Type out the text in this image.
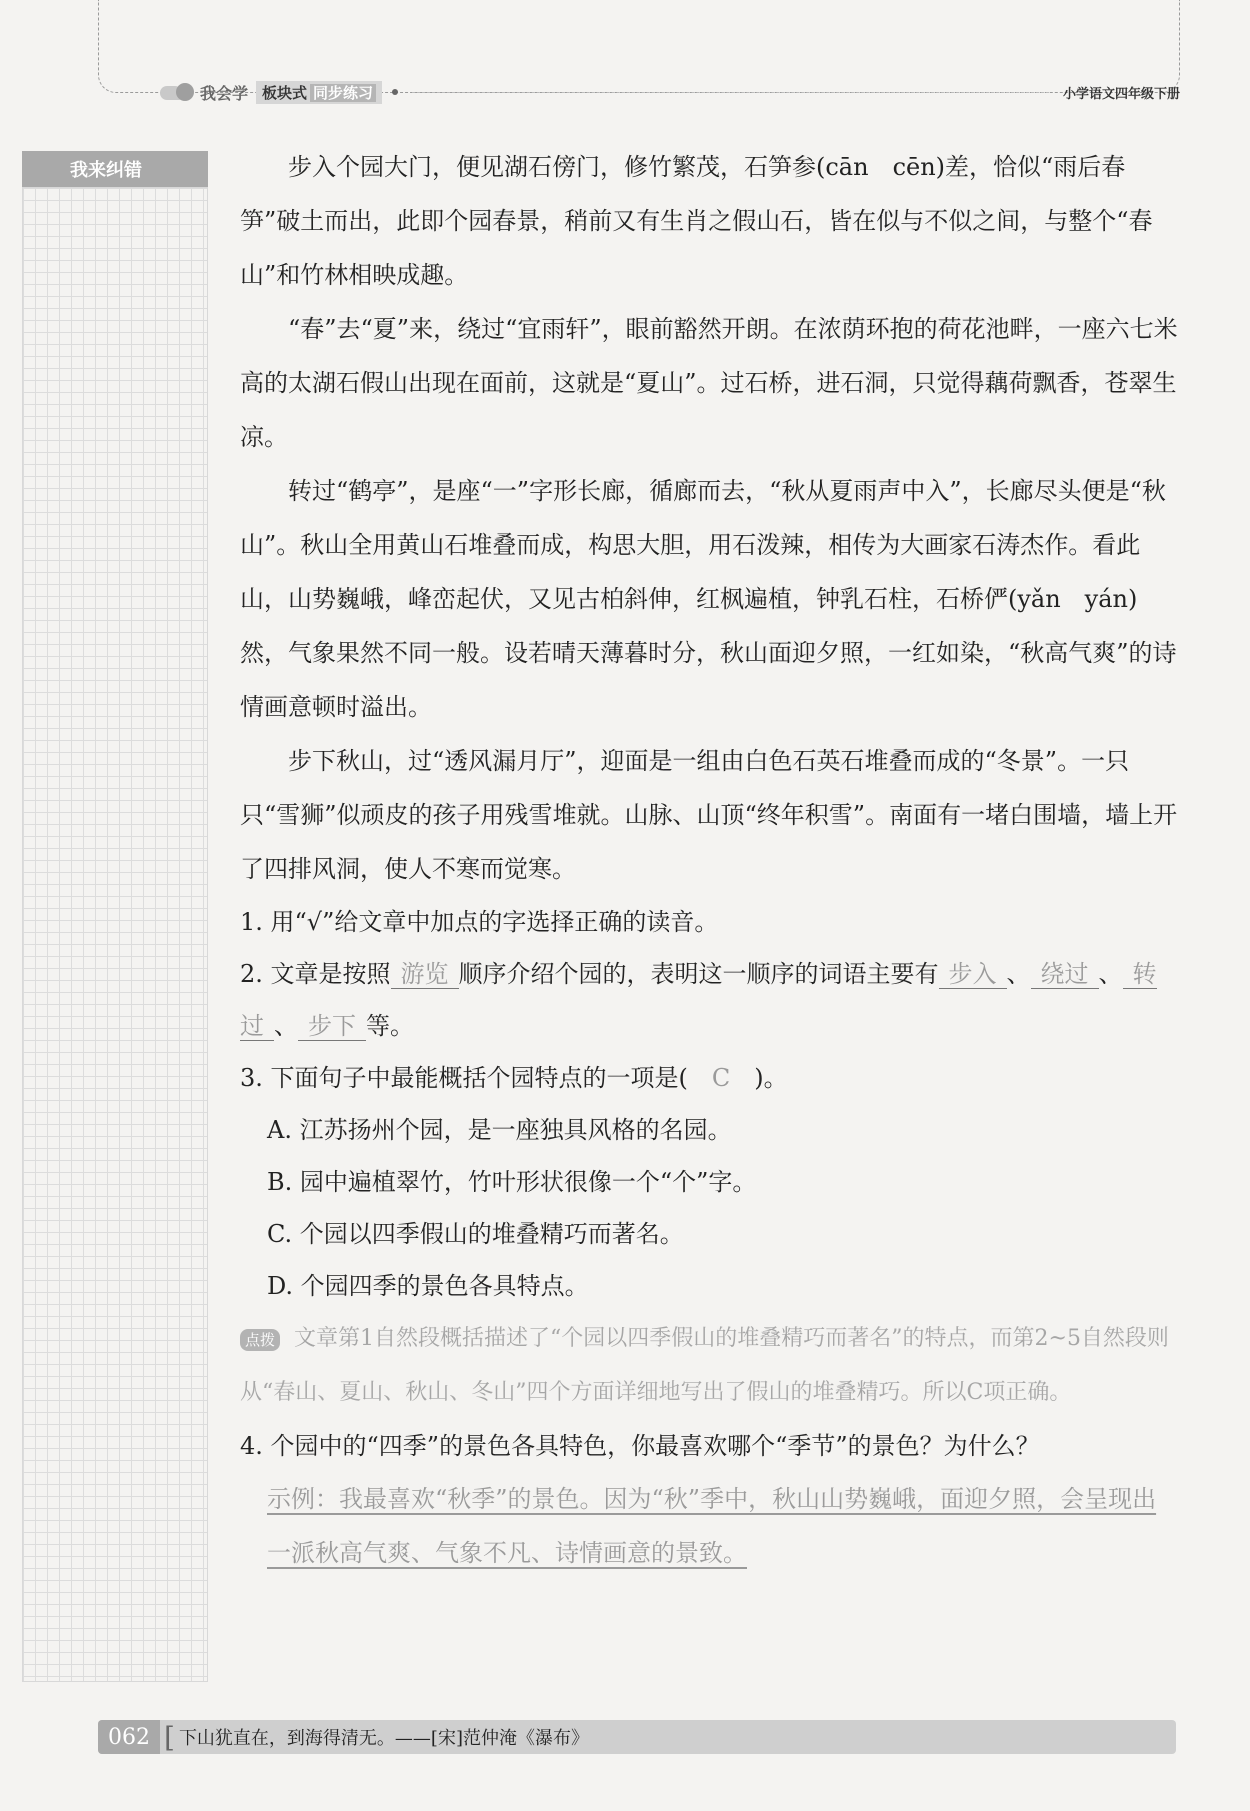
我会学 板块式 同步练习	小学语文四年级下册
我来纠错	步入个园大门，便见湖石傍门，修竹繁茂，石笋参(cān　cēn)差，恰似“雨后春笋”破土而出，此即个园春景，稍前又有生肖之假山石，皆在似与不似之间，与整个“春山”和竹林相映成趣。

“春”去“夏”来，绕过“宜雨轩”，眼前豁然开朗。在浓荫环抱的荷花池畔，一座六七米高的太湖石假山出现在面前，这就是“夏山”。过石桥，进石洞，只觉得藕荷飘香，苍翠生凉。

转过“鹤亭”，是座“一”字形长廊，循廊而去，“秋从夏雨声中入”，长廊尽头便是“秋山”。秋山全用黄山石堆叠而成，构思大胆，用石泼辣，相传为大画家石涛杰作。看此山，山势巍峨，峰峦起伏，又见古柏斜伸，红枫遍植，钟乳石柱，石桥俨(yǎn　yán)然，气象果然不同一般。设若晴天薄暮时分，秋山面迎夕照，一红如染，“秋高气爽”的诗情画意顿时溢出。

步下秋山，过“透风漏月厅”，迎面是一组由白色石英石堆叠而成的“冬景”。一只只“雪狮”似顽皮的孩子用残雪堆就。山脉、山顶“终年积雪”。南面有一堵白围墙，墙上开了四排风洞，使人不寒而觉寒。

1. 用“√”给文章中加点的字选择正确的读音。

2. 文章是按照 游览 顺序介绍个园的，表明这一顺序的词语主要有 步入 、 绕过 、 转过 、 步下 等。

3. 下面句子中最能概括个园特点的一项是( C )。

A. 江苏扬州个园，是一座独具风格的名园。

B. 园中遍植翠竹，竹叶形状很像一个“个”字。

C. 个园以四季假山的堆叠精巧而著名。

D. 个园四季的景色各具特点。

点拨 文章第1自然段概括描述了“个园以四季假山的堆叠精巧而著名”的特点，而第2~5自然段则从“春山、夏山、秋山、冬山”四个方面详细地写出了假山的堆叠精巧。所以C项正确。

4. 个园中的“四季”的景色各具特色，你最喜欢哪个“季节”的景色？为什么？

示例：我最喜欢“秋季”的景色。因为“秋”季中，秋山山势巍峨，面迎夕照，会呈现出一派秋高气爽、气象不凡、诗情画意的景致。

062 [ 下山犹直在，到海得清无。——[宋]范仲淹《瀑布》
